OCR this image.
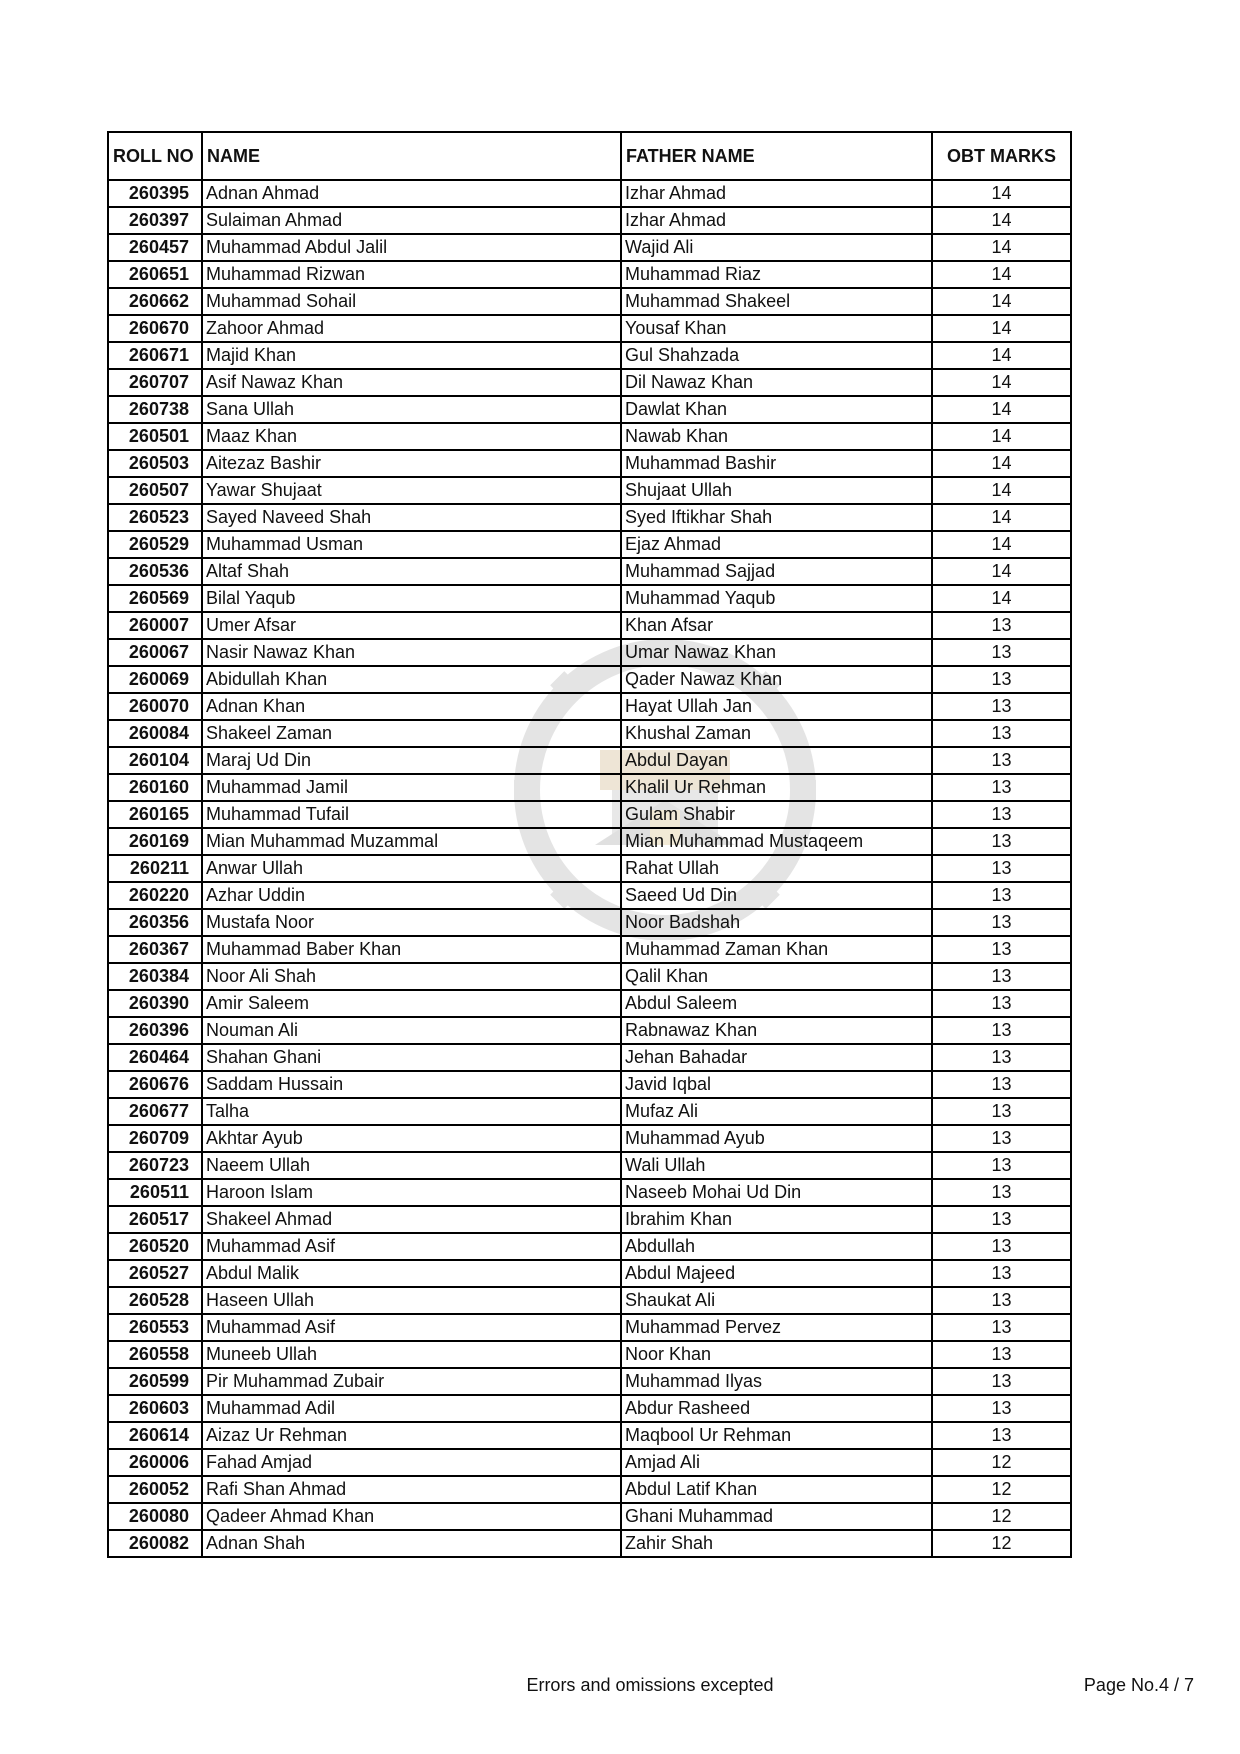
ROLL NO	NAME	FATHER NAME	OBT MARKS
260395	Adnan Ahmad	Izhar Ahmad	14
260397	Sulaiman Ahmad	Izhar Ahmad	14
260457	Muhammad Abdul Jalil	Wajid Ali	14
260651	Muhammad Rizwan	Muhammad Riaz	14
260662	Muhammad Sohail	Muhammad Shakeel	14
260670	Zahoor Ahmad	Yousaf Khan	14
260671	Majid Khan	Gul Shahzada	14
260707	Asif Nawaz Khan	Dil Nawaz Khan	14
260738	Sana Ullah	Dawlat Khan	14
260501	Maaz Khan	Nawab Khan	14
260503	Aitezaz Bashir	Muhammad Bashir	14
260507	Yawar Shujaat	Shujaat Ullah	14
260523	Sayed Naveed Shah	Syed Iftikhar Shah	14
260529	Muhammad Usman	Ejaz Ahmad	14
260536	Altaf Shah	Muhammad Sajjad	14
260569	Bilal Yaqub	Muhammad Yaqub	14
260007	Umer Afsar	Khan Afsar	13
260067	Nasir Nawaz Khan	Umar Nawaz Khan	13
260069	Abidullah Khan	Qader Nawaz Khan	13
260070	Adnan Khan	Hayat Ullah Jan	13
260084	Shakeel Zaman	Khushal Zaman	13
260104	Maraj Ud Din	Abdul Dayan	13
260160	Muhammad Jamil	Khalil Ur Rehman	13
260165	Muhammad Tufail	Gulam Shabir	13
260169	Mian Muhammad Muzammal	Mian Muhammad Mustaqeem	13
260211	Anwar Ullah	Rahat Ullah	13
260220	Azhar Uddin	Saeed Ud Din	13
260356	Mustafa Noor	Noor Badshah	13
260367	Muhammad Baber Khan	Muhammad Zaman Khan	13
260384	Noor Ali Shah	Qalil Khan	13
260390	Amir Saleem	Abdul Saleem	13
260396	Nouman Ali	Rabnawaz Khan	13
260464	Shahan Ghani	Jehan Bahadar	13
260676	Saddam Hussain	Javid Iqbal	13
260677	Talha	Mufaz Ali	13
260709	Akhtar Ayub	Muhammad Ayub	13
260723	Naeem Ullah	Wali Ullah	13
260511	Haroon Islam	Naseeb Mohai Ud Din	13
260517	Shakeel Ahmad	Ibrahim Khan	13
260520	Muhammad Asif	Abdullah	13
260527	Abdul Malik	Abdul Majeed	13
260528	Haseen Ullah	Shaukat Ali	13
260553	Muhammad Asif	Muhammad Pervez	13
260558	Muneeb Ullah	Noor Khan	13
260599	Pir Muhammad Zubair	Muhammad Ilyas	13
260603	Muhammad Adil	Abdur Rasheed	13
260614	Aizaz Ur Rehman	Maqbool Ur Rehman	13
260006	Fahad Amjad	Amjad Ali	12
260052	Rafi Shan Ahmad	Abdul Latif Khan	12
260080	Qadeer Ahmad Khan	Ghani Muhammad	12
260082	Adnan Shah	Zahir Shah	12
Errors and omissions excepted	Page No.4 / 7
